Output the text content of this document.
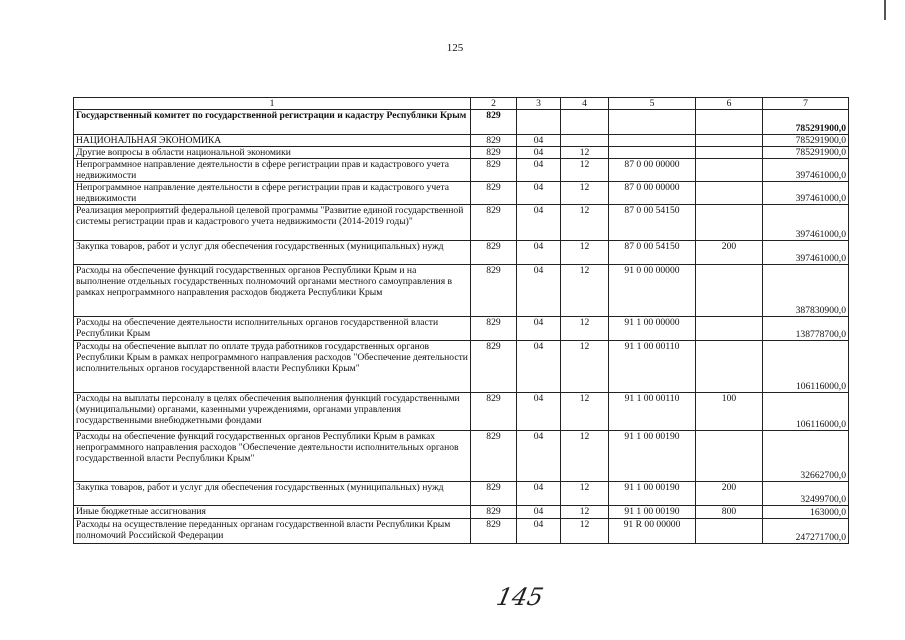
125
1	2	3	4	5	6	7
Государственный комитет по государственной регистрации и кадастру Республики Крым	829					785291900,0
НАЦИОНАЛЬНАЯ ЭКОНОМИКА	829	04				785291900,0
Другие вопросы в области национальной экономики	829	04	12			785291900,0
Непрограммное направление деятельности в сфере регистрации прав и кадастрового учета недвижимости	829	04	12	87 0 00 00000		397461000,0
Непрограммное направление деятельности в сфере регистрации прав и кадастрового учета недвижимости	829	04	12	87 0 00 00000		397461000,0
Реализация мероприятий федеральной целевой программы "Развитие единой государственной системы регистрации прав и кадастрового учета недвижимости (2014-2019 годы)"	829	04	12	87 0 00 54150		397461000,0
Закупка товаров, работ и услуг для обеспечения государственных (муниципальных) нужд	829	04	12	87 0 00 54150	200	397461000,0
Расходы на обеспечение функций государственных органов Республики Крым и на выполнение отдельных государственных полномочий органами местного самоуправления в рамках непрограммного направления расходов бюджета Республики Крым	829	04	12	91 0 00 00000		387830900,0
Расходы на обеспечение деятельности исполнительных органов государственной власти Республики Крым	829	04	12	91 1 00 00000		138778700,0
Расходы на обеспечение выплат по оплате труда работников государственных органов Республики Крым в рамках непрограммного направления расходов "Обеспечение деятельности исполнительных органов государственной власти Республики Крым"	829	04	12	91 1 00 00110		106116000,0
Расходы на выплаты персоналу в целях обеспечения выполнения функций государственными (муниципальными) органами, казенными учреждениями, органами управления государственными внебюджетными фондами	829	04	12	91 1 00 00110	100	106116000,0
Расходы на обеспечение функций государственных органов Республики Крым в рамках непрограммного направления расходов "Обеспечение деятельности исполнительных органов государственной власти Республики Крым"	829	04	12	91 1 00 00190		32662700,0
Закупка товаров, работ и услуг для обеспечения государственных (муниципальных) нужд	829	04	12	91 1 00 00190	200	32499700,0
Иные бюджетные ассигнования	829	04	12	91 1 00 00190	800	163000,0
Расходы на осуществление переданных органам государственной власти Республики Крым полномочий Российской Федерации	829	04	12	91 R 00 00000		247271700,0
145
